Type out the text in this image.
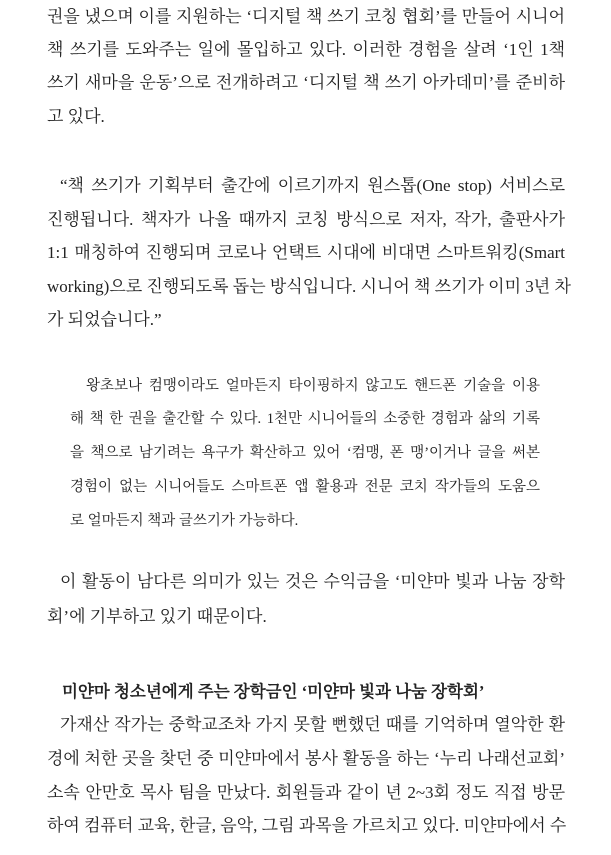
권을 냈으며 이를 지원하는 ‘디지털 책 쓰기 코칭 협회’를 만들어 시니어
책 쓰기를 도와주는 일에 몰입하고 있다. 이러한 경험을 살려 ‘1인 1책
쓰기 새마을 운동’으로 전개하려고 ‘디지털 책 쓰기 아카데미’를 준비하
고 있다.
“책 쓰기가 기획부터 출간에 이르기까지 원스톱(One stop) 서비스로
진행됩니다. 책자가 나올 때까지 코칭 방식으로 저자, 작가, 출판사가
1:1 매칭하여 진행되며 코로나 언택트 시대에 비대면 스마트워킹(Smart
working)으로 진행되도록 돕는 방식입니다. 시니어 책 쓰기가 이미 3년 차
가 되었습니다.”
왕초보나 컴맹이라도 얼마든지 타이핑하지 않고도 핸드폰 기술을 이용
해 책 한 권을 출간할 수 있다. 1천만 시니어들의 소중한 경험과 삶의 기록
을 책으로 남기려는 욕구가 확산하고 있어 ‘컴맹, 폰 맹’이거나 글을 써본
경험이 없는 시니어들도 스마트폰 앱 활용과 전문 코치 작가들의 도움으
로 얼마든지 책과 글쓰기가 가능하다.
이 활동이 남다른 의미가 있는 것은 수익금을 ‘미얀마 빛과 나눔 장학
회’에 기부하고 있기 때문이다.
미얀마 청소년에게 주는 장학금인 ‘미얀마 빛과 나눔 장학회’
가재산 작가는 중학교조차 가지 못할 뻔했던 때를 기억하며 열악한 환
경에 처한 곳을 찾던 중 미얀마에서 봉사 활동을 하는 ‘누리 나래선교회’
소속 안만호 목사 팀을 만났다. 회원들과 같이 년 2~3회 정도 직접 방문
하여 컴퓨터 교육, 한글, 음악, 그림 과목을 가르치고 있다. 미얀마에서 수
